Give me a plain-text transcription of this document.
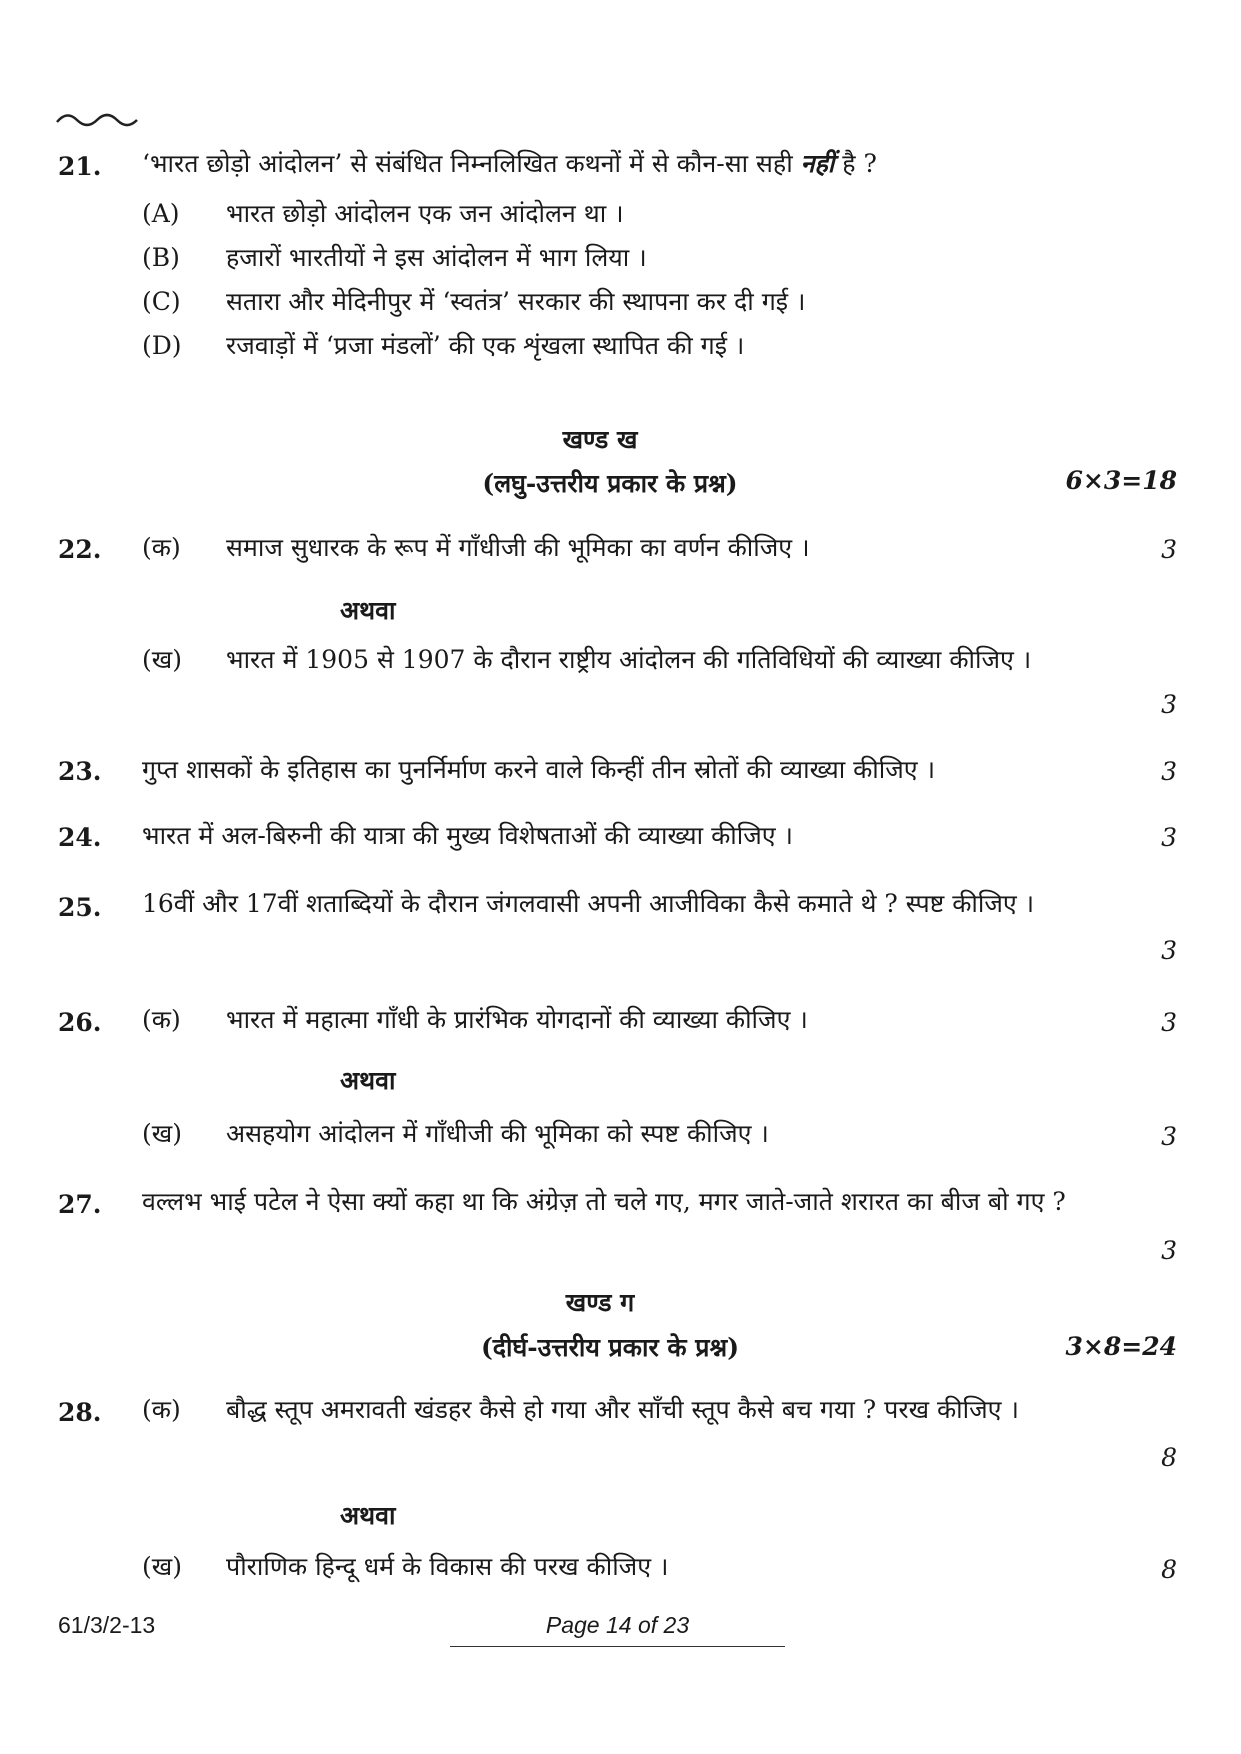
21. ‘भारत छोड़ो आंदोलन’ से संबंधित निम्नलिखित कथनों में से कौन-सा सही नहीं है ?
(A) भारत छोड़ो आंदोलन एक जन आंदोलन था ।
(B) हजारों भारतीयों ने इस आंदोलन में भाग लिया ।
(C) सतारा और मेदिनीपुर में ‘स्वतंत्र’ सरकार की स्थापना कर दी गई ।
(D) रजवाड़ों में ‘प्रजा मंडलों’ की एक शृंखला स्थापित की गई ।
खण्ड ख
(लघु-उत्तरीय प्रकार के प्रश्न)	6×3=18
22. (क) समाज सुधारक के रूप में गाँधीजी की भूमिका का वर्णन कीजिए ।	3
अथवा
(ख) भारत में 1905 से 1907 के दौरान राष्ट्रीय आंदोलन की गतिविधियों की व्याख्या कीजिए ।
3
23. गुप्त शासकों के इतिहास का पुनर्निर्माण करने वाले किन्हीं तीन स्रोतों की व्याख्या कीजिए ।	3
24. भारत में अल-बिरुनी की यात्रा की मुख्य विशेषताओं की व्याख्या कीजिए ।	3
25. 16वीं और 17वीं शताब्दियों के दौरान जंगलवासी अपनी आजीविका कैसे कमाते थे ? स्पष्ट कीजिए ।
3
26. (क) भारत में महात्मा गाँधी के प्रारंभिक योगदानों की व्याख्या कीजिए ।	3
अथवा
(ख) असहयोग आंदोलन में गाँधीजी की भूमिका को स्पष्ट कीजिए ।	3
27. वल्लभ भाई पटेल ने ऐसा क्यों कहा था कि अंग्रेज़ तो चले गए, मगर जाते-जाते शरारत का बीज बो गए ?
3
खण्ड ग
(दीर्घ-उत्तरीय प्रकार के प्रश्न)	3×8=24
28. (क) बौद्ध स्तूप अमरावती खंडहर कैसे हो गया और साँची स्तूप कैसे बच गया ? परख कीजिए ।
8
अथवा
(ख) पौराणिक हिन्दू धर्म के विकास की परख कीजिए ।	8
61/3/2-13	Page 14 of 23
